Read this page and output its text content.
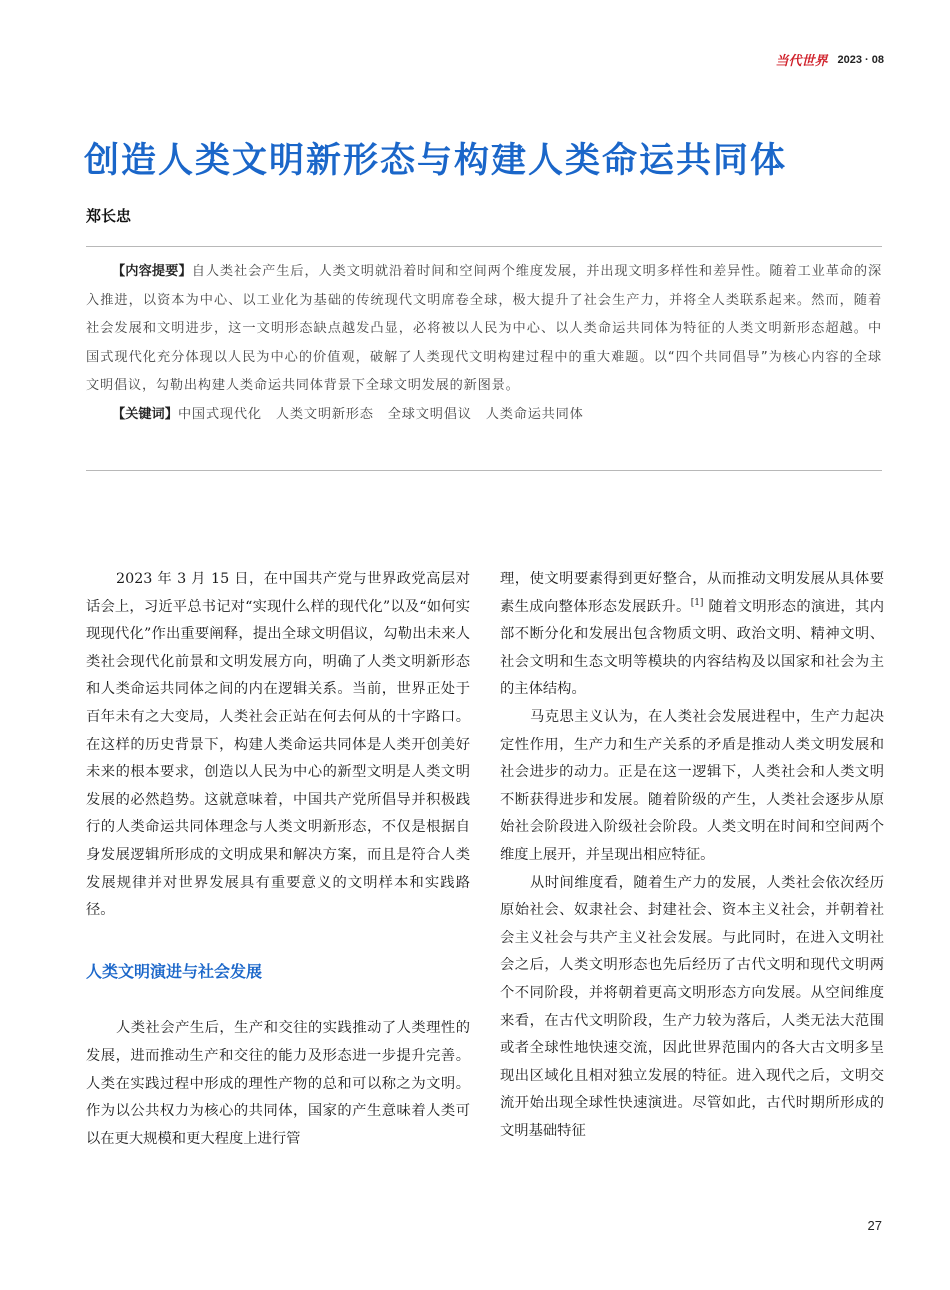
当代世界 2023 · 08
创造人类文明新形态与构建人类命运共同体
郑长忠

【内容提要】自人类社会产生后，人类文明就沿着时间和空间两个维度发展，并出现文明多样性和差异性。随着工业革命的深入推进，以资本为中心、以工业化为基础的传统现代文明席卷全球，极大提升了社会生产力，并将全人类联系起来。然而，随着社会发展和文明进步，这一文明形态缺点越发凸显，必将被以人民为中心、以人类命运共同体为特征的人类文明新形态超越。中国式现代化充分体现以人民为中心的价值观，破解了人类现代文明构建过程中的重大难题。以“四个共同倡导”为核心内容的全球文明倡议，勾勒出构建人类命运共同体背景下全球文明发展的新图景。

【关键词】中国式现代化 人类文明新形态 全球文明倡议 人类命运共同体

2023 年 3 月 15 日，在中国共产党与世界政党高层对话会上，习近平总书记对“实现什么样的现代化”以及“如何实现现代化”作出重要阐释，提出全球文明倡议，勾勒出未来人类社会现代化前景和文明发展方向，明确了人类文明新形态和人类命运共同体之间的内在逻辑关系。当前，世界正处于百年未有之大变局，人类社会正站在何去何从的十字路口。在这样的历史背景下，构建人类命运共同体是人类开创美好未来的根本要求，创造以人民为中心的新型文明是人类文明发展的必然趋势。这就意味着，中国共产党所倡导并积极践行的人类命运共同体理念与人类文明新形态，不仅是根据自身发展逻辑所形成的文明成果和解决方案，而且是符合人类发展规律并对世界发展具有重要意义的文明样本和实践路径。

人类文明演进与社会发展

人类社会产生后，生产和交往的实践推动了人类理性的发展，进而推动生产和交往的能力及形态进一步提升完善。人类在实践过程中形成的理性产物的总和可以称之为文明。作为以公共权力为核心的共同体，国家的产生意味着人类可以在更大规模和更大程度上进行管

理，使文明要素得到更好整合，从而推动文明发展从具体要素生成向整体形态发展跃升。[1] 随着文明形态的演进，其内部不断分化和发展出包含物质文明、政治文明、精神文明、社会文明和生态文明等模块的内容结构及以国家和社会为主的主体结构。

马克思主义认为，在人类社会发展进程中，生产力起决定性作用，生产力和生产关系的矛盾是推动人类文明发展和社会进步的动力。正是在这一逻辑下，人类社会和人类文明不断获得进步和发展。随着阶级的产生，人类社会逐步从原始社会阶段进入阶级社会阶段。人类文明在时间和空间两个维度上展开，并呈现出相应特征。

从时间维度看，随着生产力的发展，人类社会依次经历原始社会、奴隶社会、封建社会、资本主义社会，并朝着社会主义社会与共产主义社会发展。与此同时，在进入文明社会之后，人类文明形态也先后经历了古代文明和现代文明两个不同阶段，并将朝着更高文明形态方向发展。从空间维度来看，在古代文明阶段，生产力较为落后，人类无法大范围或者全球性地快速交流，因此世界范围内的各大古文明多呈现出区域化且相对独立发展的特征。进入现代之后，文明交流开始出现全球性快速演进。尽管如此，古代时期所形成的文明基础特征

27
